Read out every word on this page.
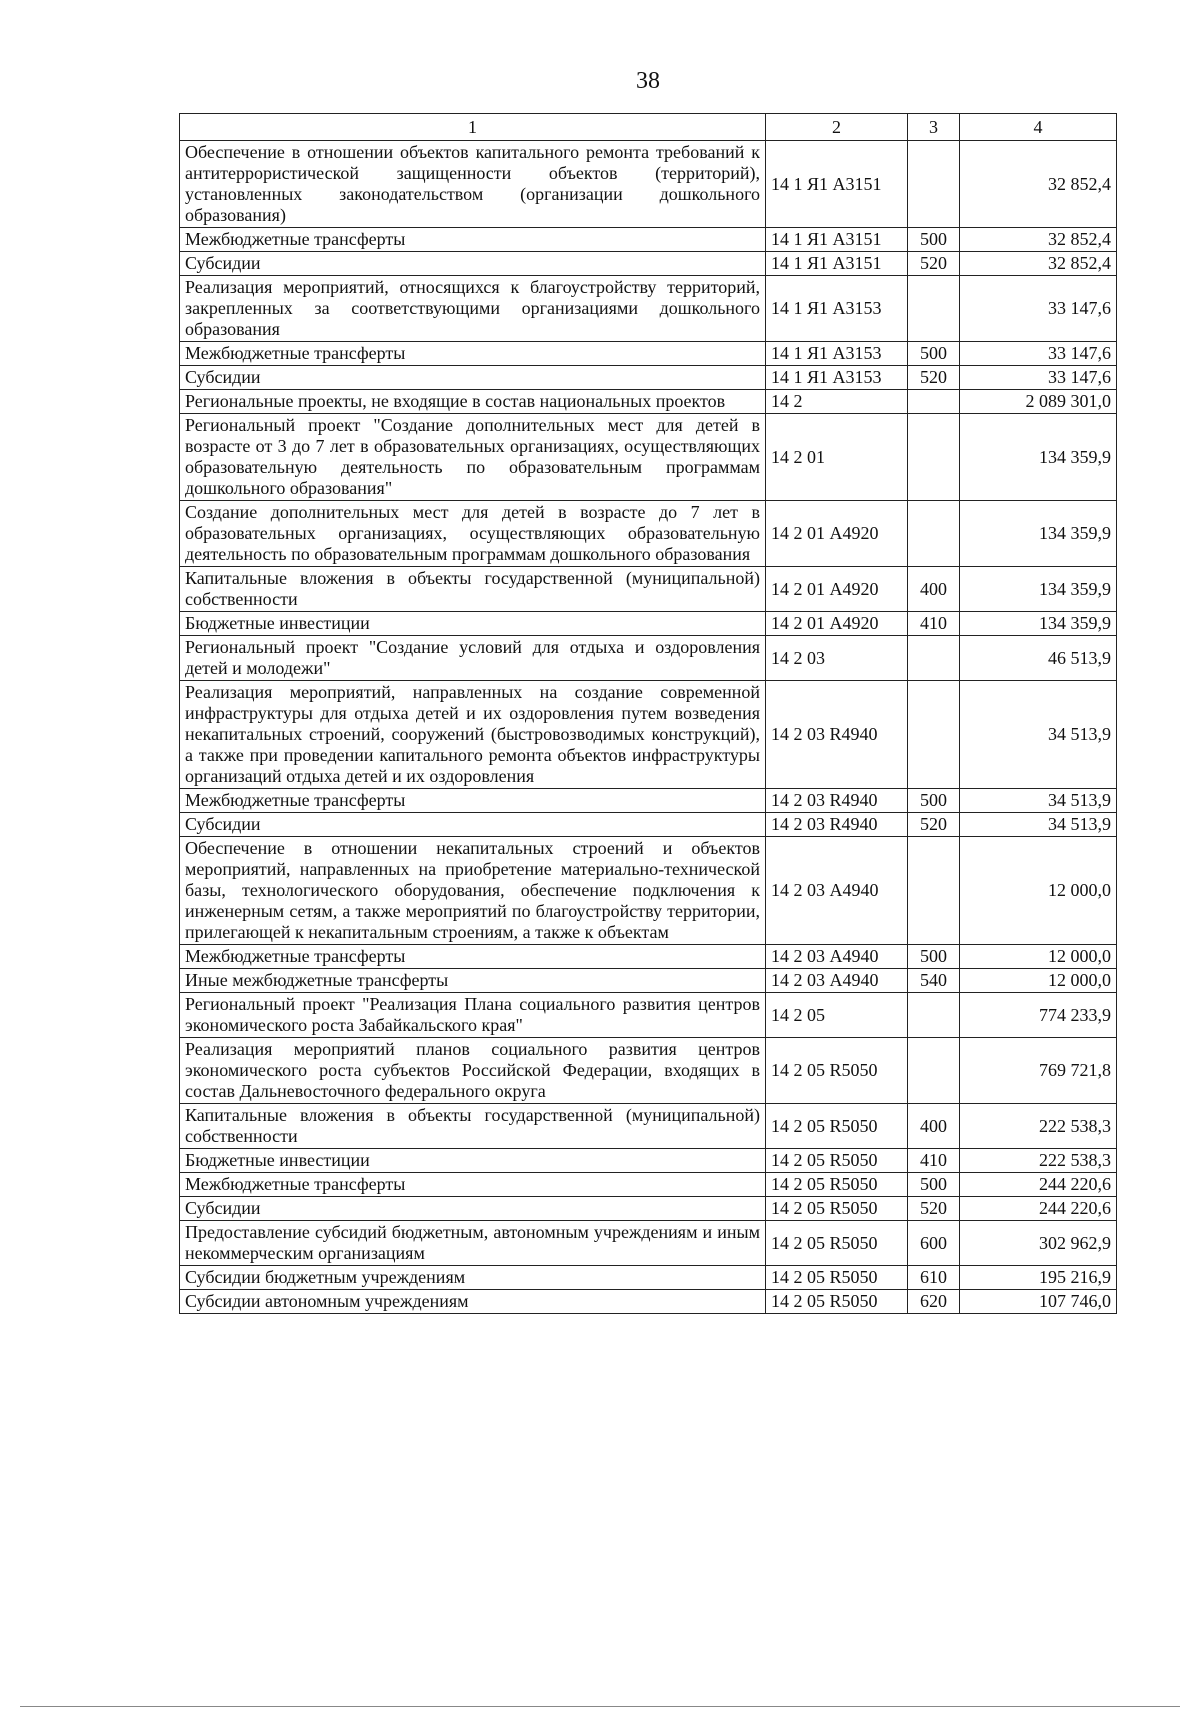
38
1	2	3	4
Обеспечение в отношении объектов капитального ремонта требований к антитеррористической защищенности объектов (территорий), установленных законодательством (организации дошкольного образования)	14 1 Я1 А3151		32 852,4
Межбюджетные трансферты	14 1 Я1 А3151	500	32 852,4
Субсидии	14 1 Я1 А3151	520	32 852,4
Реализация мероприятий, относящихся к благоустройству территорий, закрепленных за соответствующими организациями дошкольного образования	14 1 Я1 А3153		33 147,6
Межбюджетные трансферты	14 1 Я1 А3153	500	33 147,6
Субсидии	14 1 Я1 А3153	520	33 147,6
Региональные проекты, не входящие в состав национальных проектов	14 2		2 089 301,0
Региональный проект "Создание дополнительных мест для детей в возрасте от 3 до 7 лет в образовательных организациях, осуществляющих образовательную деятельность по образовательным программам дошкольного образования"	14 2 01		134 359,9
Создание дополнительных мест для детей в возрасте до 7 лет в образовательных организациях, осуществляющих образовательную деятельность по образовательным программам дошкольного образования	14 2 01 А4920		134 359,9
Капитальные вложения в объекты государственной (муниципальной) собственности	14 2 01 А4920	400	134 359,9
Бюджетные инвестиции	14 2 01 А4920	410	134 359,9
Региональный проект "Создание условий для отдыха и оздоровления детей и молодежи"	14 2 03		46 513,9
Реализация мероприятий, направленных на создание современной инфраструктуры для отдыха детей и их оздоровления путем возведения некапитальных строений, сооружений (быстровозводимых конструкций), а также при проведении капитального ремонта объектов инфраструктуры организаций отдыха детей и их оздоровления	14 2 03 R4940		34 513,9
Межбюджетные трансферты	14 2 03 R4940	500	34 513,9
Субсидии	14 2 03 R4940	520	34 513,9
Обеспечение в отношении некапитальных строений и объектов мероприятий, направленных на приобретение материально-технической базы, технологического оборудования, обеспечение подключения к инженерным сетям, а также мероприятий по благоустройству территории, прилегающей к некапитальным строениям, а также к объектам	14 2 03 А4940		12 000,0
Межбюджетные трансферты	14 2 03 А4940	500	12 000,0
Иные межбюджетные трансферты	14 2 03 А4940	540	12 000,0
Региональный проект "Реализация Плана социального развития центров экономического роста Забайкальского края"	14 2 05		774 233,9
Реализация мероприятий планов социального развития центров экономического роста субъектов Российской Федерации, входящих в состав Дальневосточного федерального округа	14 2 05 R5050		769 721,8
Капитальные вложения в объекты государственной (муниципальной) собственности	14 2 05 R5050	400	222 538,3
Бюджетные инвестиции	14 2 05 R5050	410	222 538,3
Межбюджетные трансферты	14 2 05 R5050	500	244 220,6
Субсидии	14 2 05 R5050	520	244 220,6
Предоставление субсидий бюджетным, автономным учреждениям и иным некоммерческим организациям	14 2 05 R5050	600	302 962,9
Субсидии бюджетным учреждениям	14 2 05 R5050	610	195 216,9
Субсидии автономным учреждениям	14 2 05 R5050	620	107 746,0
